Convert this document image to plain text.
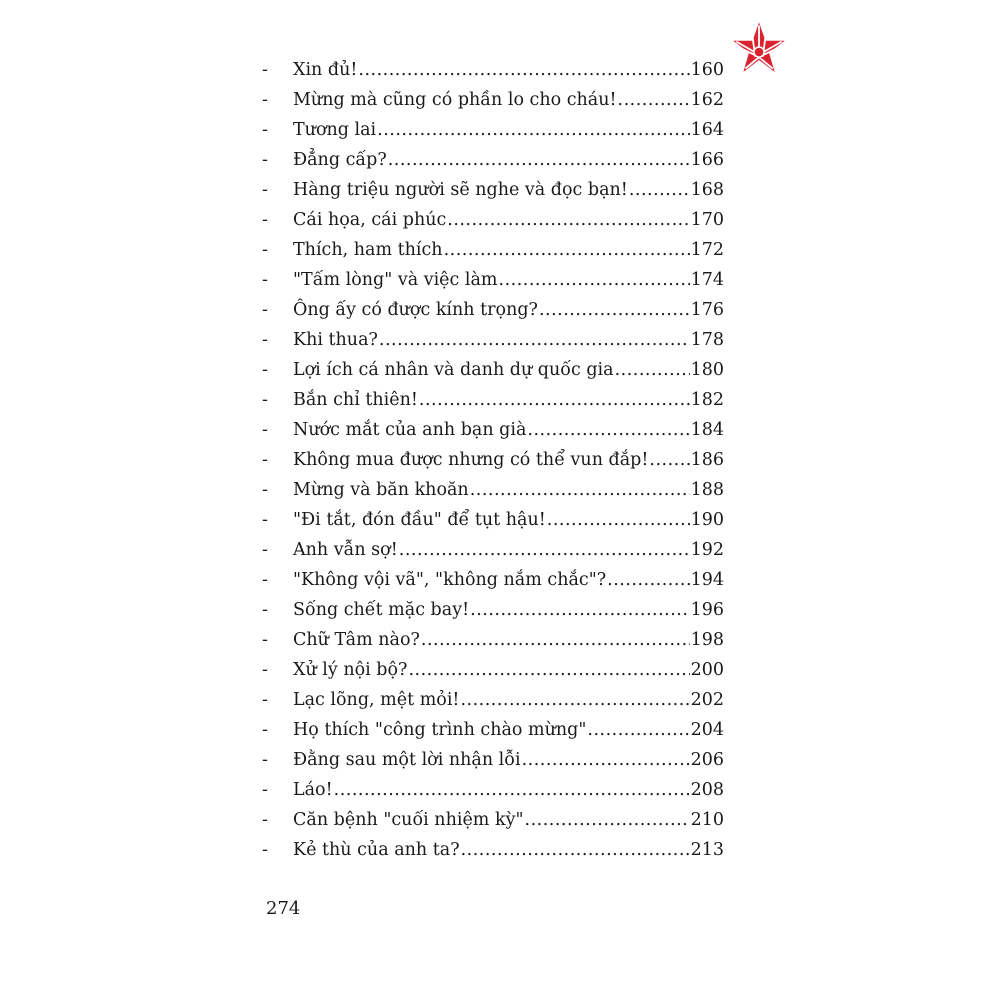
-	Xin đủ! .....	160
-	Mừng mà cũng có phần lo cho cháu! .....	162
-	Tương lai .....	164
-	Đẳng cấp? .....	166
-	Hàng triệu người sẽ nghe và đọc bạn! .....	168
-	Cái họa, cái phúc .....	170
-	Thích, ham thích .....	172
-	"Tấm lòng" và việc làm .....	174
-	Ông ấy có được kính trọng? .....	176
-	Khi thua? .....	178
-	Lợi ích cá nhân và danh dự quốc gia .....	180
-	Bắn chỉ thiên! .....	182
-	Nước mắt của anh bạn già .....	184
-	Không mua được nhưng có thể vun đắp! ..... 186
-	Mừng và băn khoăn .....	188
-	"Đi tắt, đón đầu" để tụt hậu! .....	190
-	Anh vẫn sợ! .....	192
-	"Không vội vã", "không nắm chắc"? .....	194
-	Sống chết mặc bay! .....	196
-	Chữ Tâm nào? .....	198
-	Xử lý nội bộ? .....	200
-	Lạc lõng, mệt mỏi! .....	202
-	Họ thích "công trình chào mừng" .....	204
-	Đằng sau một lời nhận lỗi .....	206
-	Láo! .....	208
-	Căn bệnh "cuối nhiệm kỳ" .....	210
-	Kẻ thù của anh ta? .....	213
274
